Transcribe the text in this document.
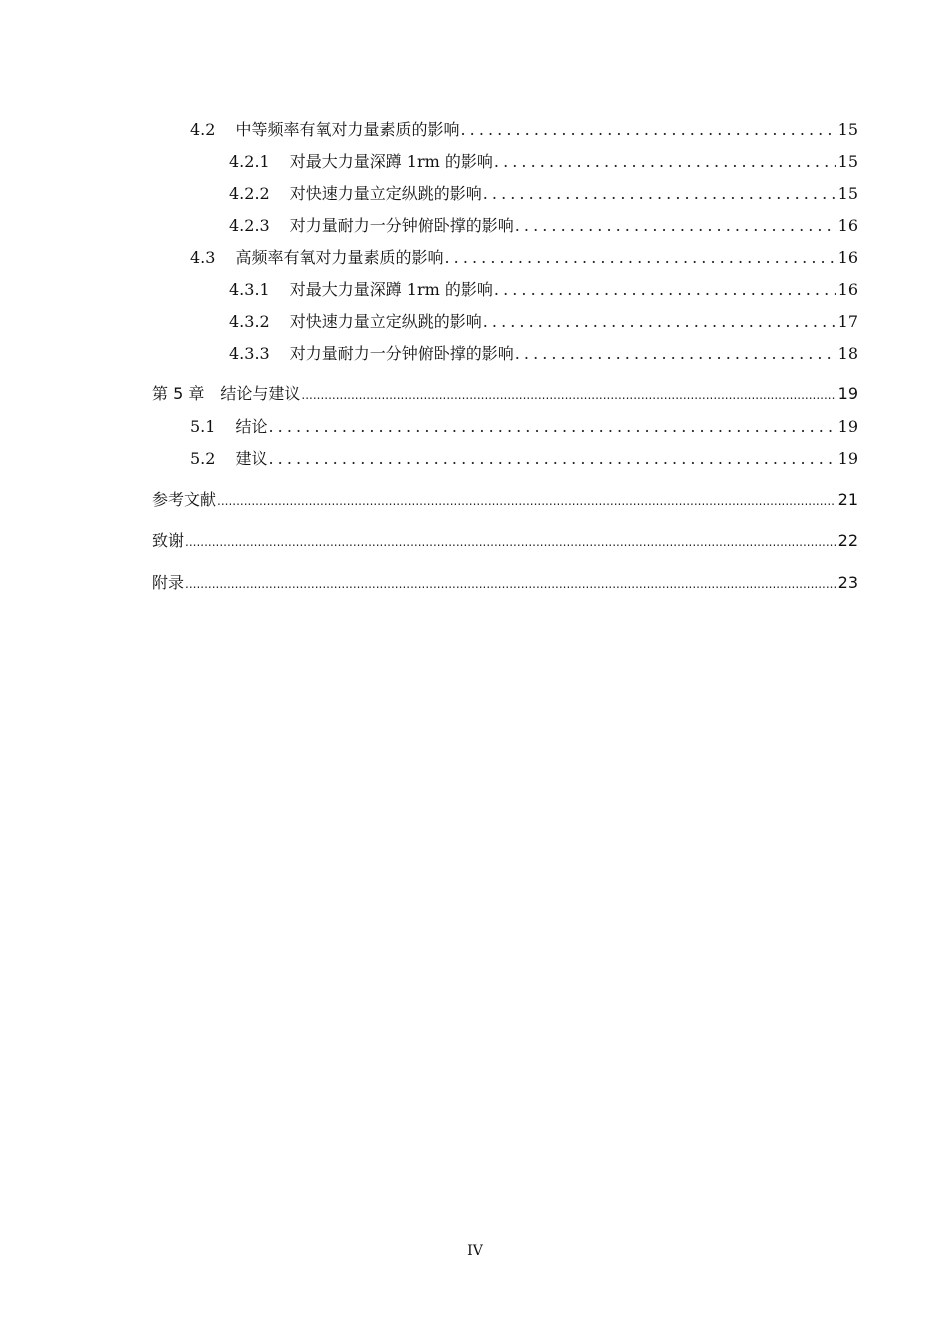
4.2 中等频率有氧对力量素质的影响 . . .	15
4.2.1 对最大力量深蹲 1rm 的影响 . . .	15
4.2.2 对快速力量立定纵跳的影响 . . .	15
4.2.3 对力量耐力一分钟俯卧撑的影响 . . .	16
4.3 高频率有氧对力量素质的影响 . . .	16
4.3.1 对最大力量深蹲 1rm 的影响 . . .	16
4.3.2 对快速力量立定纵跳的影响 . . .	17
4.3.3 对力量耐力一分钟俯卧撑的影响 . . .	18
第 5 章 结论与建议 .....	19
5.1 结论 . . .	19
5.2 建议 . . .	19
参考文献 .....	21
致谢 .....	22
附录 .....	23
IV
